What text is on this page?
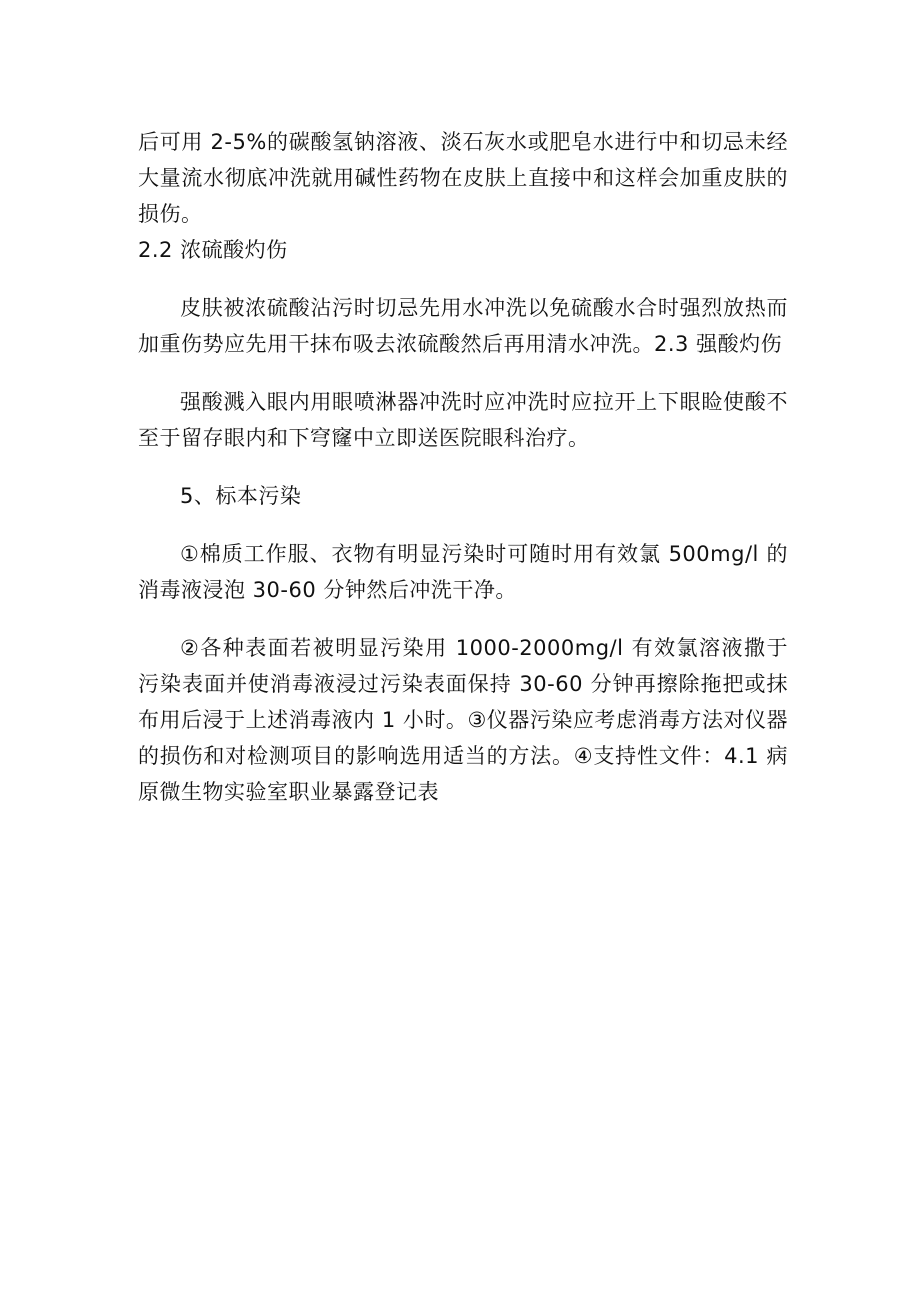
后可用 2-5%的碳酸氢钠溶液、淡石灰水或肥皂水进行中和切忌未经大量流水彻底冲洗就用碱性药物在皮肤上直接中和这样会加重皮肤的损伤。

2.2 浓硫酸灼伤

皮肤被浓硫酸沾污时切忌先用水冲洗以免硫酸水合时强烈放热而加重伤势应先用干抹布吸去浓硫酸然后再用清水冲洗。2.3 强酸灼伤

强酸溅入眼内用眼喷淋器冲洗时应冲洗时应拉开上下眼睑使酸不至于留存眼内和下穹窿中立即送医院眼科治疗。

5、标本污染

①棉质工作服、衣物有明显污染时可随时用有效氯 500mg/l 的消毒液浸泡 30-60 分钟然后冲洗干净。

②各种表面若被明显污染用 1000-2000mg/l 有效氯溶液撒于污染表面并使消毒液浸过污染表面保持 30-60 分钟再擦除拖把或抹布用后浸于上述消毒液内 1 小时。③仪器污染应考虑消毒方法对仪器的损伤和对检测项目的影响选用适当的方法。④支持性文件：4.1 病原微生物实验室职业暴露登记表
